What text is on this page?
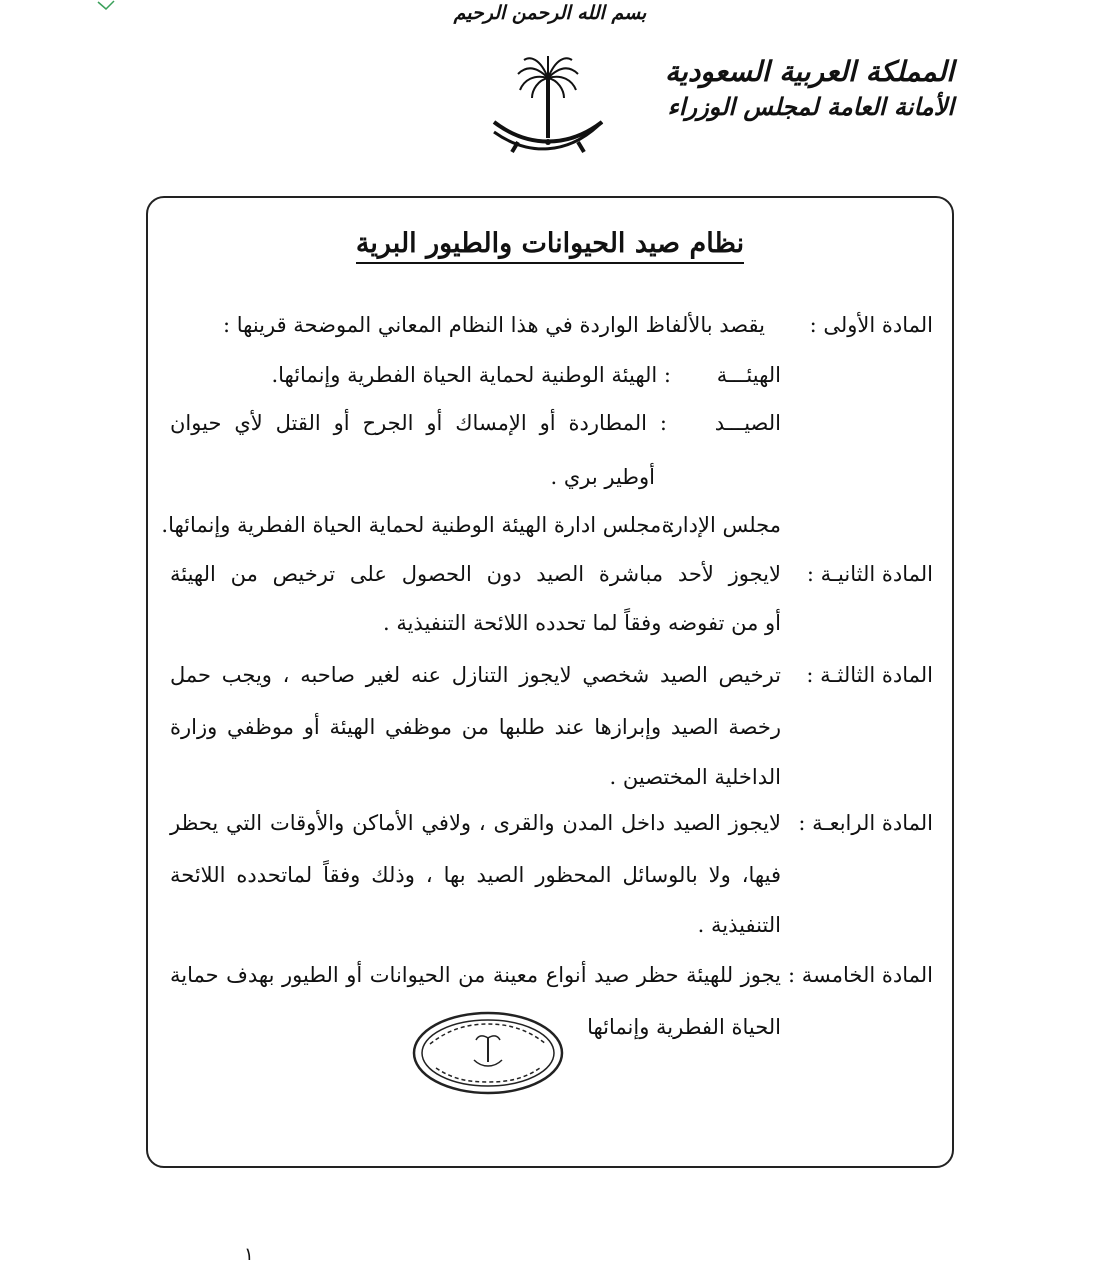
بسم الله الرحمن الرحيم
المملكة العربية السعودية
الأمانة العامة لمجلس الوزراء
نظام صيد الحيوانات والطيور البرية
المادة الأولى :
يقصد بالألفاظ الواردة في هذا النظام المعاني الموضحة قرينها :
الهيئـــة
: الهيئة الوطنية لحماية الحياة الفطرية وإنمائها.
الصيـــد
: المطاردة أو الإمساك أو الجرح أو القتل لأي حيوان
أوطير بري .
مجلس الإدارة
: مجلس ادارة الهيئة الوطنية لحماية الحياة الفطرية وإنمائها.
المادة الثانيـة :
لايجوز لأحد مباشرة الصيد دون الحصول على ترخيص من الهيئة
أو من تفوضه وفقاً لما تحدده اللائحة التنفيذية .
المادة الثالثـة :
ترخيص الصيد شخصي لايجوز التنازل عنه لغير صاحبه ، ويجب حمل
رخصة الصيد وإبرازها عند طلبها من موظفي الهيئة أو موظفي وزارة
الداخلية المختصين .
المادة الرابعـة :
لايجوز الصيد داخل المدن والقرى ، ولافي الأماكن والأوقات التي يحظر
فيها، ولا بالوسائل المحظور الصيد بها ، وذلك وفقاً لماتحدده اللائحة
التنفيذية .
المادة الخامسة :
يجوز للهيئة حظر صيد أنواع معينة من الحيوانات أو الطيور بهدف حماية
الحياة الفطرية وإنمائها
١
